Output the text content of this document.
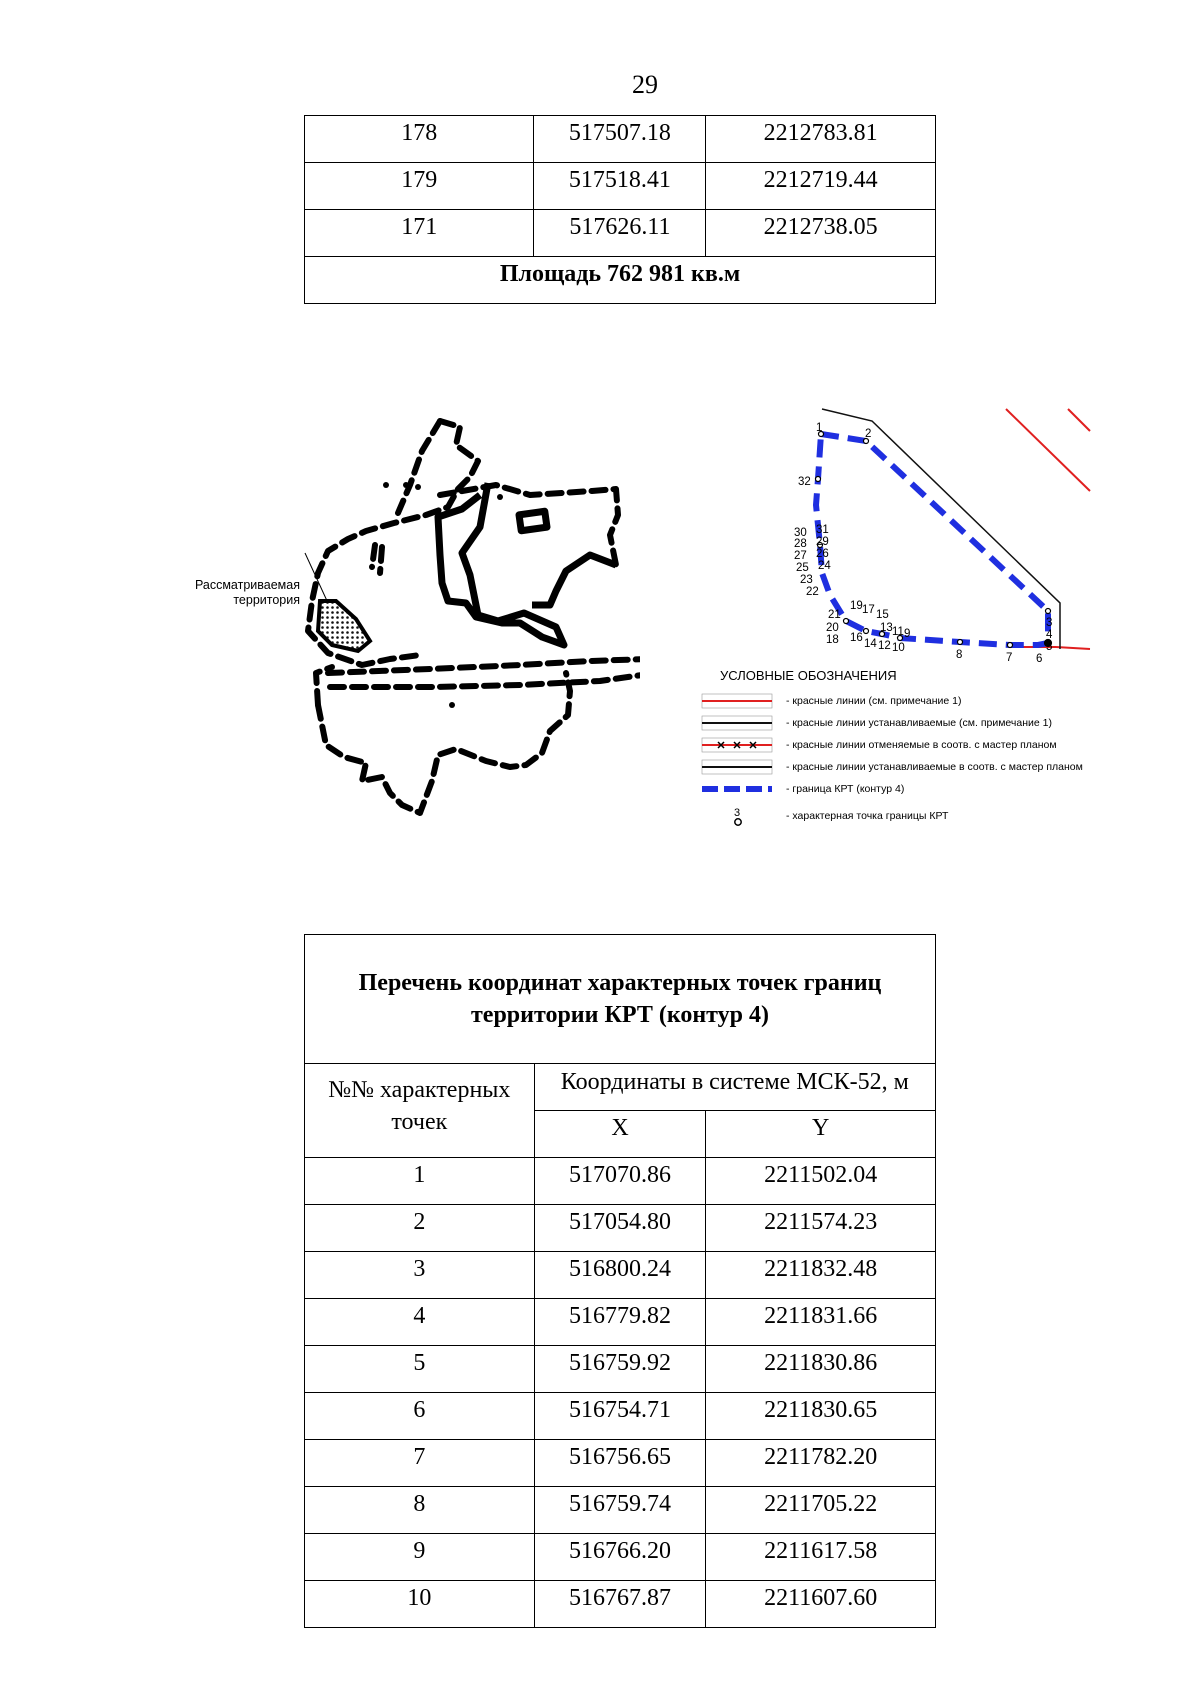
29
178	517507.18	2212783.81
179	517518.41	2212719.44
171	517626.11	2212738.05
Площадь 762 981 кв.м		
Рассматриваемая
территория
1	2
3
4
5
6
7
8
9
10
11
12
13
14
15
16
17
18
19
20
21
22
23
24
25
26
27
28 29
30 31
32
УСЛОВНЫЕ ОБОЗНАЧЕНИЯ
3
- красные линии (см. примечание 1)
- красные линии устанавливаемые (см. примечание 1)
- красные линии отменяемые в соотв. с мастер планом
- красные линии устанавливаемые в соотв. с мастер планом
- граница КРТ (контур 4)
- характерная точка границы КРТ
Перечень координат характерных точек границ
территории КРТ (контур 4)		

№№ характерных
точек	Координаты в системе МСК-52, м	
	X	Y
1	517070.86	2211502.04
2	517054.80	2211574.23
3	516800.24	2211832.48
4	516779.82	2211831.66
5	516759.92	2211830.86
6	516754.71	2211830.65
7	516756.65	2211782.20
8	516759.74	2211705.22
9	516766.20	2211617.58
10	516767.87	2211607.60
